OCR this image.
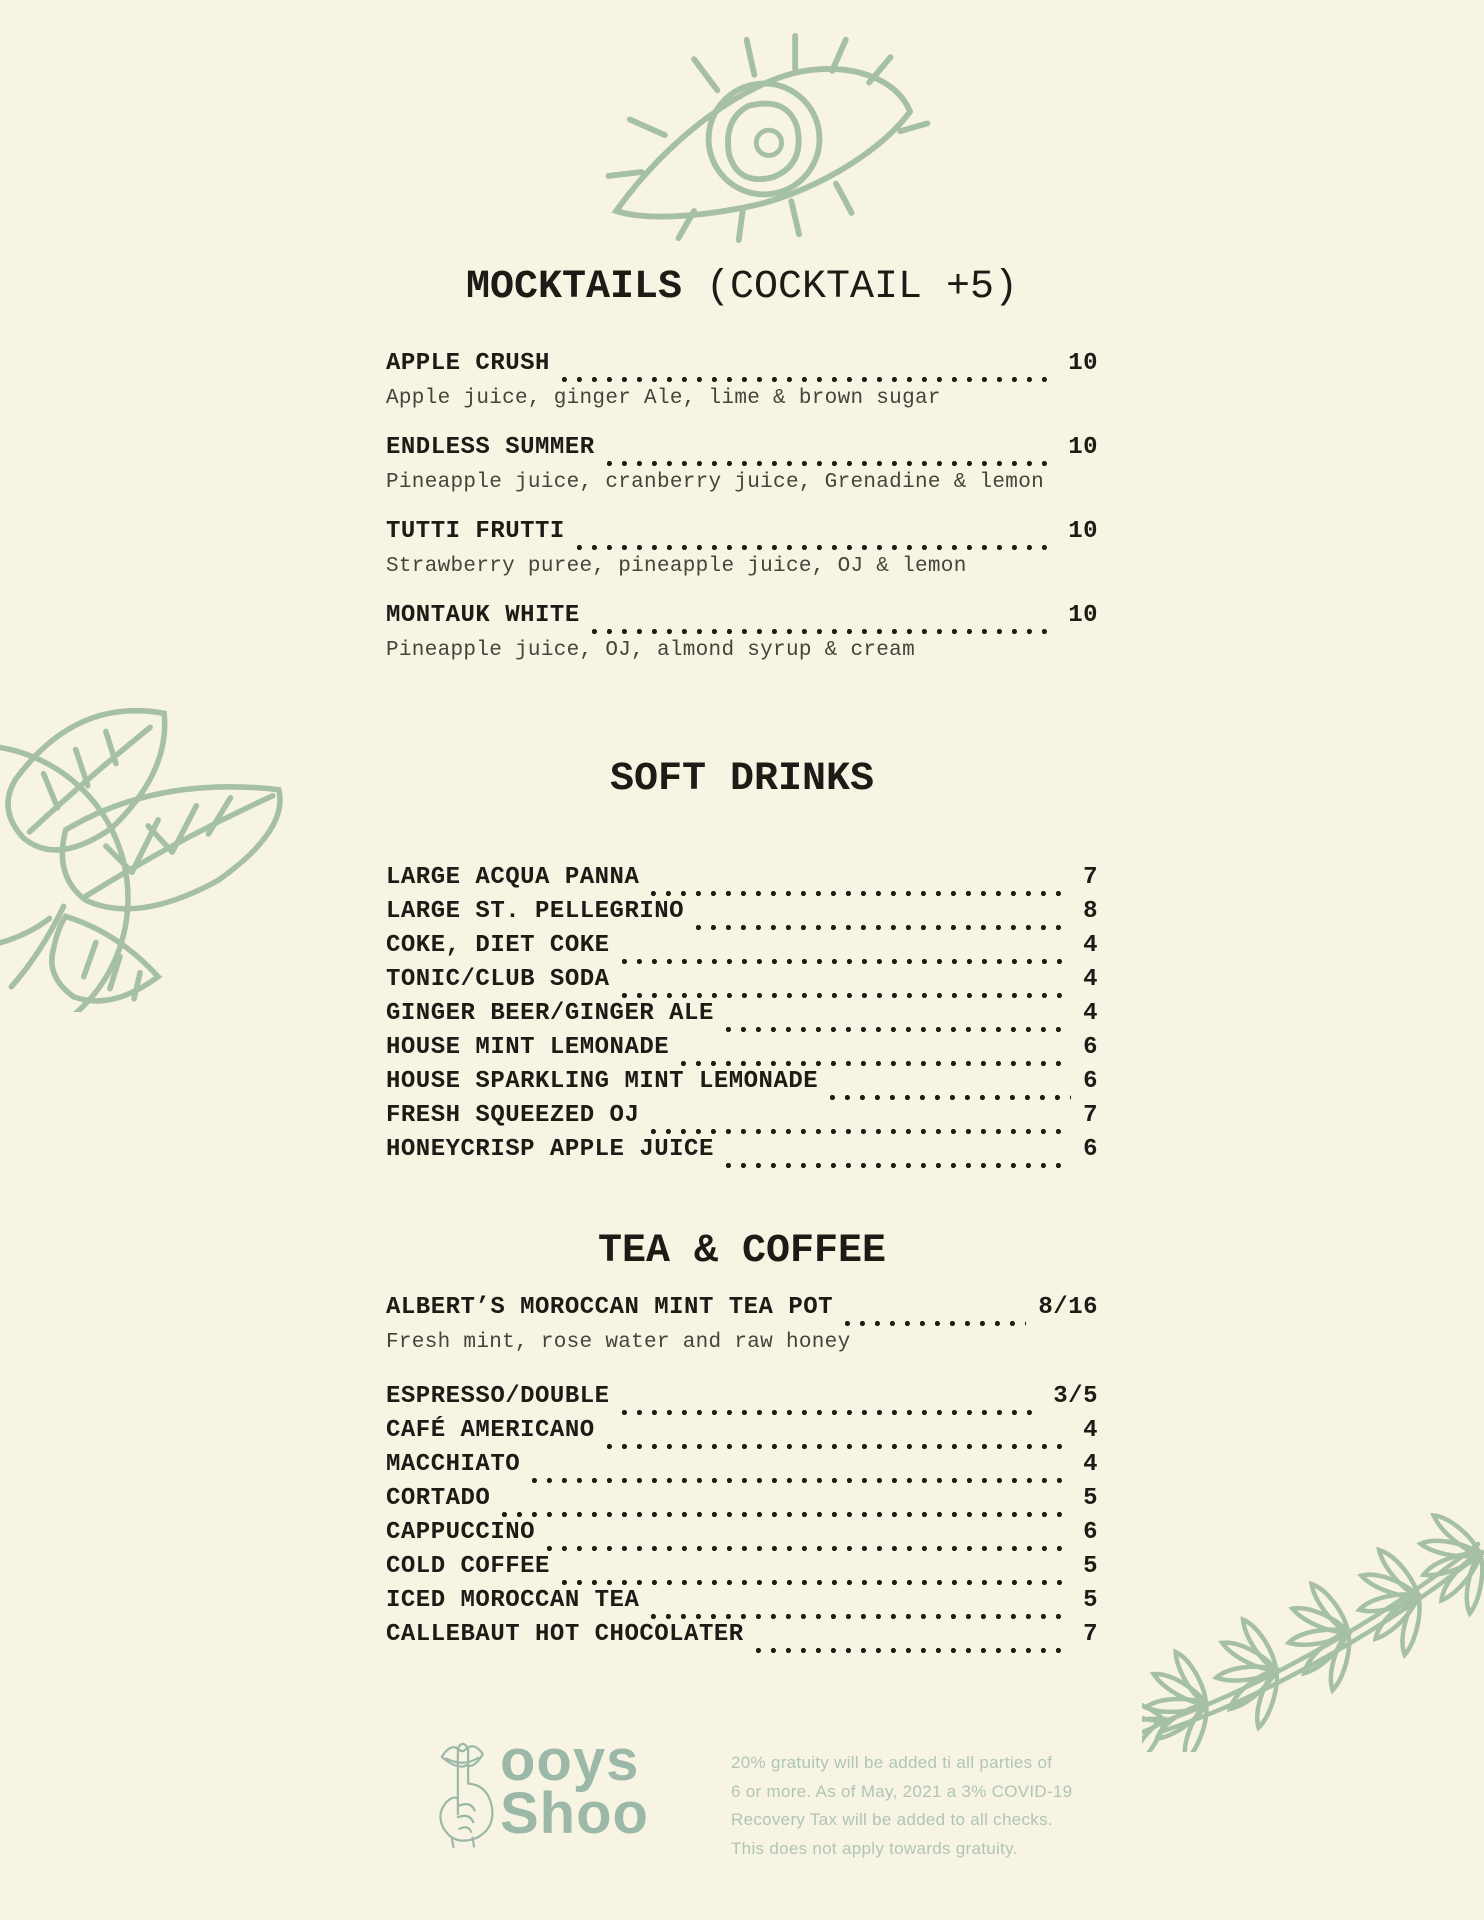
MOCKTAILS (COCKTAIL +5)
APPLE CRUSH	10
Apple juice, ginger Ale, lime & brown sugar
ENDLESS SUMMER	10
Pineapple juice, cranberry juice, Grenadine & lemon
TUTTI FRUTTI	10
Strawberry puree, pineapple juice, OJ & lemon
MONTAUK WHITE	10
Pineapple juice, OJ, almond syrup & cream
SOFT DRINKS
LARGE ACQUA PANNA	7
LARGE ST. PELLEGRINO	8
COKE, DIET COKE	4
TONIC/CLUB SODA	4
GINGER BEER/GINGER ALE	4
HOUSE MINT LEMONADE	6
HOUSE SPARKLING MINT LEMONADE	6
FRESH SQUEEZED OJ	7
HONEYCRISP APPLE JUICE	6
TEA & COFFEE
ALBERT’S MOROCCAN MINT TEA POT	8/16
Fresh mint, rose water and raw honey
ESPRESSO/DOUBLE	3/5
CAFÉ AMERICANO	4
MACCHIATO	4
CORTADO	5
CAPPUCCINO	6
COLD COFFEE	5
ICED MOROCCAN TEA	5
CALLEBAUT HOT CHOCOLATER	7
ooys
Shoo
20% gratuity will be added ti all parties of
6 or more. As of May, 2021 a 3% COVID-19
Recovery Tax will be added to all checks.
This does not apply towards gratuity.
